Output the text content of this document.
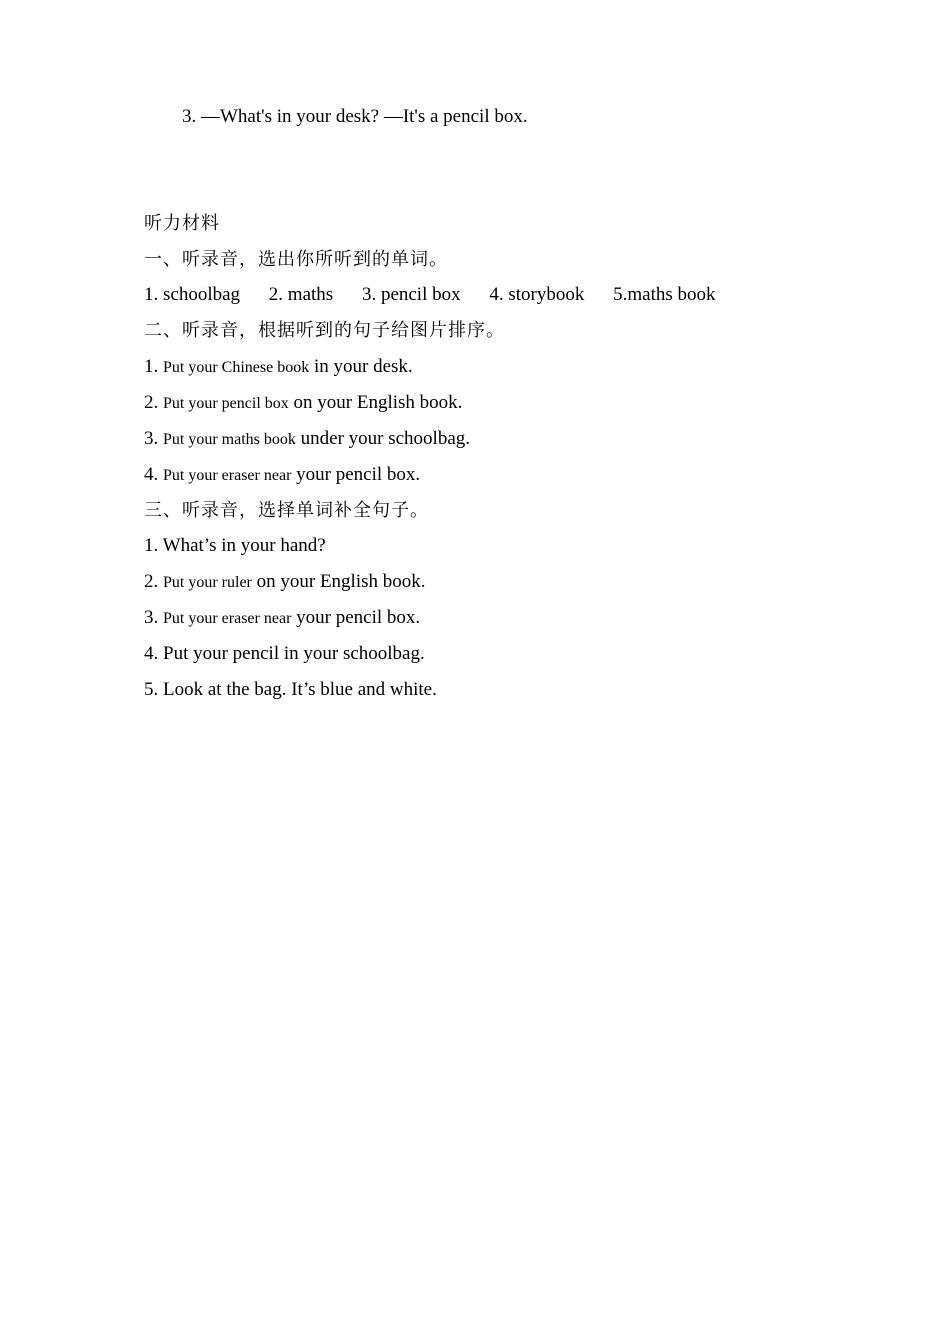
3. —What's in your desk? —It's a pencil box.
听力材料
一、听录音，选出你所听到的单词。
1. schoolbag 2. maths 3. pencil box 4. storybook 5.maths book
二、听录音，根据听到的句子给图片排序。
1. Put your Chinese book in your desk.
2. Put your pencil box on your English book.
3. Put your maths book under your schoolbag.
4. Put your eraser near your pencil box.
三、听录音，选择单词补全句子。
1. What’s in your hand?
2. Put your ruler on your English book.
3. Put your eraser near your pencil box.
4. Put your pencil in your schoolbag.
5. Look at the bag. It’s blue and white.
